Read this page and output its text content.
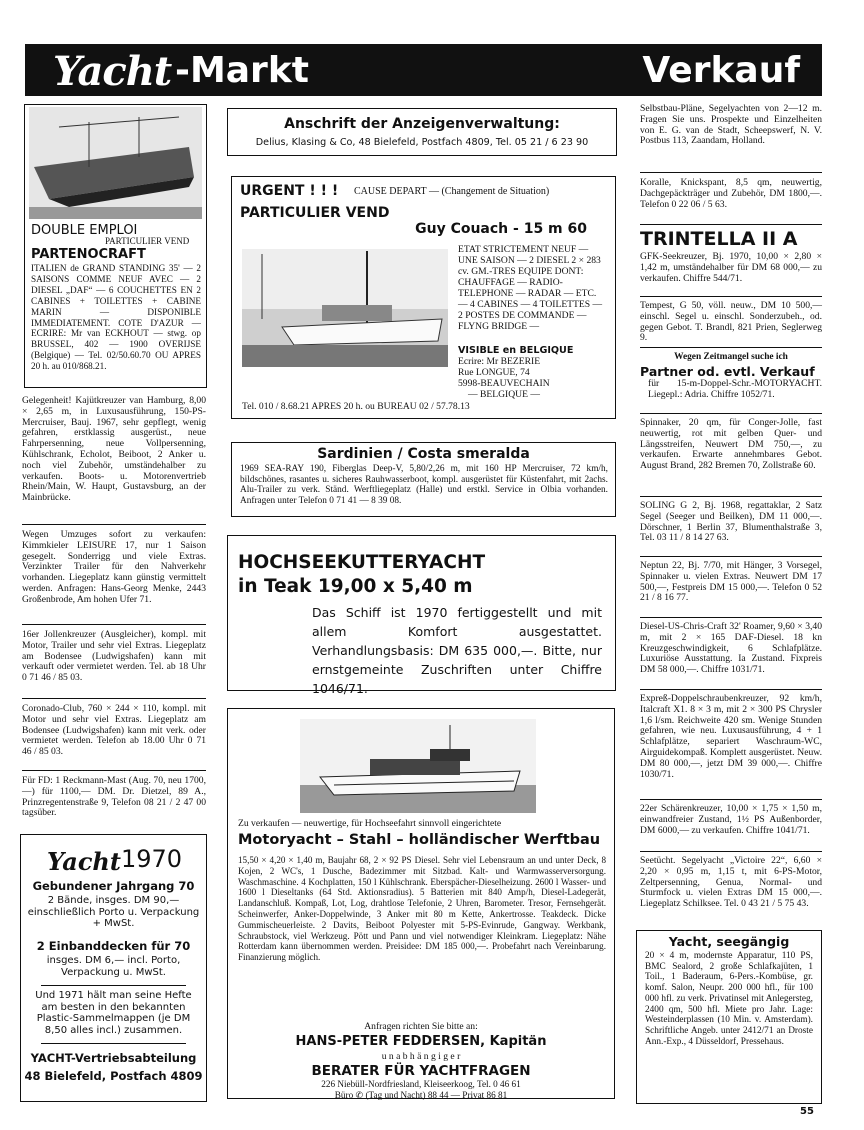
Yacht -Markt	Verkauf
DOUBLE EMPLOI
PARTICULIER VEND
PARTENOCRAFT
ITALIEN de GRAND STANDING 35' — 2 SAISONS COMME NEUF AVEC — 2 DIESEL „DAF“ — 6 COUCHETTES EN 2 CABINES + TOILETTES + CABINE MARIN — DISPONIBLE IMMEDIATEMENT. COTE D'AZUR — ECRIRE: Mr van ECKHOUT — stwg. op BRUSSEL, 402 — 1900 OVERIJSE (Belgique) — Tel. 02/50.60.70 OU APRES 20 h. au 010/868.21.
Gelegenheit! Kajütkreuzer van Hamburg, 8,00 × 2,65 m, in Luxusausführung, 150-PS-Mercruiser, Bauj. 1967, sehr gepflegt, wenig gefahren, erstklassig ausgerüst., neue Fahrpersenning, neue Vollpersenning, Kühlschrank, Echolot, Beiboot, 2 Anker u. noch viel Zubehör, umständehalber zu verkaufen. Boots- u. Motorenvertrieb Rhein/Main, W. Haupt, Gustavsburg, an der Mainbrücke.
Wegen Umzuges sofort zu verkaufen: Kimmkieler LEISURE 17, nur 1 Saison gesegelt. Sonderrigg und viele Extras. Verzinkter Trailer für den Nahverkehr vorhanden. Liegeplatz kann günstig vermittelt werden. Anfragen: Hans-Georg Menke, 2443 Großenbrode, Am hohen Ufer 71.
16er Jollenkreuzer (Ausgleicher), kompl. mit Motor, Trailer und sehr viel Extras. Liegeplatz am Bodensee (Ludwigshafen) kann mit verkauft oder vermietet werden. Tel. ab 18 Uhr 0 71 46 / 85 03.
Coronado-Club, 760 × 244 × 110, kompl. mit Motor und sehr viel Extras. Liegeplatz am Bodensee (Ludwigshafen) kann mit verk. oder vermietet werden. Telefon ab 18.00 Uhr 0 71 46 / 85 03.
Für FD: 1 Reckmann-Mast (Aug. 70, neu 1700,—) für 1100,— DM. Dr. Dietzel, 89 A., Prinzregentenstraße 9, Telefon 08 21 / 2 47 00 tagsüber.
Yacht 1970
Gebundener Jahrgang 70
2 Bände, insges. DM 90,— einschließlich Porto u. Verpackung + MwSt.
2 Einbanddecken für 70
insges. DM 6,— incl. Porto, Verpackung u. MwSt.
Und 1971 hält man seine Hefte am besten in den bekannten Plastic-Sammelmappen (je DM 8,50 alles incl.) zusammen.
YACHT-Vertriebsabteilung
48 Bielefeld, Postfach 4809
Anschrift der Anzeigenverwaltung:
Delius, Klasing & Co, 48 Bielefeld, Postfach 4809, Tel. 05 21 / 6 23 90
URGENT ! ! ! CAUSE DEPART — (Changement de Situation)
PARTICULIER VEND
Guy Couach - 15 m 60
ETAT STRICTEMENT NEUF — UNE SAISON — 2 DIESEL 2 × 283 cv. GM.-TRES EQUIPE DONT: CHAUFFAGE — RADIO-TELEPHONE — RADAR — ETC. — 4 CABINES — 4 TOILETTES — 2 POSTES DE COMMANDE — FLYNG BRIDGE —
VISIBLE en BELGIQUE
Ecrire: Mr BEZERIE
Rue LONGUE, 74
5998-BEAUVECHAIN
— BELGIQUE —
Tel. 010 / 8.68.21 APRES 20 h. ou BUREAU 02 / 57.78.13
Sardinien / Costa smeralda
1969 SEA-RAY 190, Fiberglas Deep-V, 5,80/2,26 m, mit 160 HP Mercruiser, 72 km/h, bildschönes, rasantes u. sicheres Rauhwasserboot, kompl. ausgerüstet für Küstenfahrt, mit 2achs. Alu-Trailer zu verk. Ständ. Werftliegeplatz (Halle) und erstkl. Service in Olbia vorhanden. Anfragen unter Telefon 0 71 41 — 8 39 08.
HOCHSEEKUTTERYACHT
in Teak 19,00 x 5,40 m
Das Schiff ist 1970 fertiggestellt und mit allem Komfort ausgestattet. Verhandlungsbasis: DM 635 000,—. Bitte, nur ernstgemeinte Zuschriften unter Chiffre 1046/71.
Zu verkaufen — neuwertige, für Hochseefahrt sinnvoll eingerichtete
Motoryacht – Stahl – holländischer Werftbau
15,50 × 4,20 × 1,40 m, Baujahr 68, 2 × 92 PS Diesel. Sehr viel Lebensraum an und unter Deck, 8 Kojen, 2 WC's, 1 Dusche, Badezimmer mit Sitzbad. Kalt- und Warmwasserversorgung. Waschmaschine. 4 Kochplatten, 150 l Kühlschrank. Eberspächer-Dieselheizung. 2600 l Wasser- und 1600 l Dieseltanks (64 Std. Aktionsradius). 5 Batterien mit 840 Amp/h, Diesel-Ladegerät, Landanschluß. Kompaß, Lot, Log, drahtlose Telefonie, 2 Uhren, Barometer. Tresor, Fernsehgerät. Scheinwerfer, Anker-Doppelwinde, 3 Anker mit 80 m Kette, Ankertrosse. Teakdeck. Dicke Gummischeuerleiste. 2 Davits, Beiboot Polyester mit 5-PS-Evinrude, Gangway. Werkbank, Schraubstock, viel Werkzeug. Pött und Pann und viel notwendiger Kleinkram. Liegeplatz: Nähe Rotterdam kann übernommen werden. Preisidee: DM 185 000,—. Probefahrt nach Vereinbarung. Finanzierung möglich.
Anfragen richten Sie bitte an:
HANS-PETER FEDDERSEN, Kapitän
u n a b h ä n g i g e r
BERATER FÜR YACHTFRAGEN
226 Niebüll-Nordfriesland, Kleiseerkoog, Tel. 0 46 61
Büro ✆ (Tag und Nacht) 88 44 — Privat 86 81
Selbstbau-Pläne, Segelyachten von 2—12 m. Fragen Sie uns. Prospekte und Einzelheiten von E. G. van de Stadt, Scheepswerf, N. V. Postbus 113, Zaandam, Holland.
Koralle, Knickspant, 8,5 qm, neuwertig, Dachgepäckträger und Zubehör, DM 1800,—. Telefon 0 22 06 / 5 63.
TRINTELLA II A
GFK-Seekreuzer, Bj. 1970, 10,00 × 2,80 × 1,42 m, umständehalber für DM 68 000,— zu verkaufen. Chiffre 544/71.
Tempest, G 50, völl. neuw., DM 10 500,— einschl. Segel u. einschl. Sonderzubeh., od. gegen Gebot. T. Brandl, 821 Prien, Seglerweg 9.
Wegen Zeitmangel suche ich
Partner od. evtl. Verkauf
für 15-m-Doppel-Schr.-MOTORYACHT. Liegepl.: Adria. Chiffre 1052/71.
Spinnaker, 20 qm, für Conger-Jolle, fast neuwertig, rot mit gelben Quer- und Längsstreifen, Neuwert DM 750,—, zu verkaufen. Erwarte annehmbares Gebot. August Brand, 282 Bremen 70, Zollstraße 60.
SOLING G 2, Bj. 1968, regattaklar, 2 Satz Segel (Seeger und Beilken), DM 11 000,—. Dörschner, 1 Berlin 37, Blumenthalstraße 3, Tel. 03 11 / 8 14 27 63.
Neptun 22, Bj. 7/70, mit Hänger, 3 Vorsegel, Spinnaker u. vielen Extras. Neuwert DM 17 500,—, Festpreis DM 15 000,—. Telefon 0 52 21 / 8 16 77.
Diesel-US-Chris-Craft 32' Roamer, 9,60 × 3,40 m, mit 2 × 165 DAF-Diesel. 18 kn Kreuzgeschwindigkeit, 6 Schlafplätze. Luxuriöse Ausstattung. Ia Zustand. Fixpreis DM 58 000,—. Chiffre 1031/71.
Expreß-Doppelschraubenkreuzer, 92 km/h, Italcraft X1. 8 × 3 m, mit 2 × 300 PS Chrysler 1,6 l/sm. Reichweite 420 sm. Wenige Stunden gefahren, wie neu. Luxusausführung, 4 + 1 Schlafplätze, separiert Waschraum-WC, Airguidekompaß. Komplett ausgerüstet. Neuw. DM 80 000,—, jetzt DM 39 000,—. Chiffre 1030/71.
22er Schärenkreuzer, 10,00 × 1,75 × 1,50 m, einwandfreier Zustand, 1½ PS Außenborder, DM 6000,— zu verkaufen. Chiffre 1041/71.
Seetücht. Segelyacht „Victoire 22“, 6,60 × 2,20 × 0,95 m, 1,15 t, mit 6-PS-Motor, Zeltpersenning, Genua, Normal- und Sturmfock u. vielen Extras DM 15 000,—. Liegeplatz Schilksee. Tel. 0 43 21 / 5 75 43.
Yacht, seegängig
20 × 4 m, modernste Apparatur, 110 PS, BMC Sealord, 2 große Schlafkajüten, 1 Toil., 1 Baderaum, 6-Pers.-Kombüse, gr. komf. Salon, Neupr. 200 000 hfl., für 100 000 hfl. zu verk. Privatinsel mit Anlegersteg, 2400 qm, 500 hfl. Miete pro Jahr. Lage: Westeinderplassen (10 Min. v. Amsterdam). Schriftliche Angeb. unter 2412/71 an Droste Ann.-Exp., 4 Düsseldorf, Pressehaus.
55
